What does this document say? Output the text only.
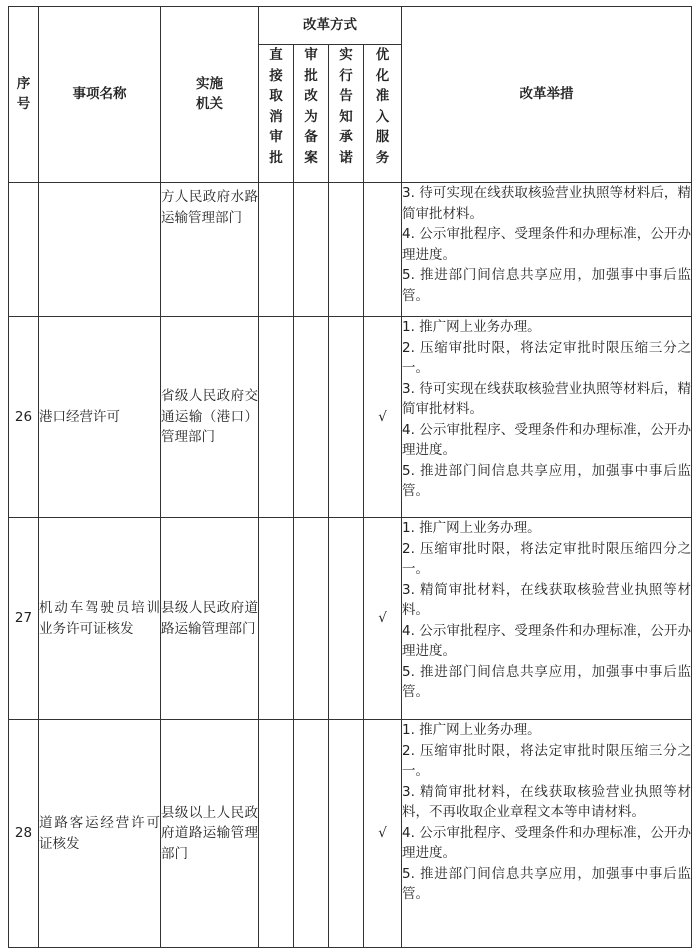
序号	事项名称	实施机关	改革方式				改革举措

			直接取消审批	审批改为备案	实行告知承诺	优化准入服务	

		方人民政府水路运输管理部门					3. 待可实现在线获取核验营业执照等材料后，精简审批材料。
4. 公示审批程序、受理条件和办理标准，公开办理进度。
5. 推进部门间信息共享应用，加强事中事后监管。

26	港口经营许可	省级人民政府交通运输（港口）管理部门				√	1. 推广网上业务办理。
2. 压缩审批时限，将法定审批时限压缩三分之一。
3. 待可实现在线获取核验营业执照等材料后，精简审批材料。
4. 公示审批程序、受理条件和办理标准，公开办理进度。
5. 推进部门间信息共享应用，加强事中事后监管。

27	机动车驾驶员培训业务许可证核发	县级人民政府道路运输管理部门				√	1. 推广网上业务办理。
2. 压缩审批时限，将法定审批时限压缩四分之一。
3. 精简审批材料，在线获取核验营业执照等材料。
4. 公示审批程序、受理条件和办理标准，公开办理进度。
5. 推进部门间信息共享应用，加强事中事后监管。

28	道路客运经营许可证核发	县级以上人民政府道路运输管理部门				√	1. 推广网上业务办理。
2. 压缩审批时限，将法定审批时限压缩三分之一。
3. 精简审批材料，在线获取核验营业执照等材料，不再收取企业章程文本等申请材料。
4. 公示审批程序、受理条件和办理标准，公开办理进度。
5. 推进部门间信息共享应用，加强事中事后监管。
